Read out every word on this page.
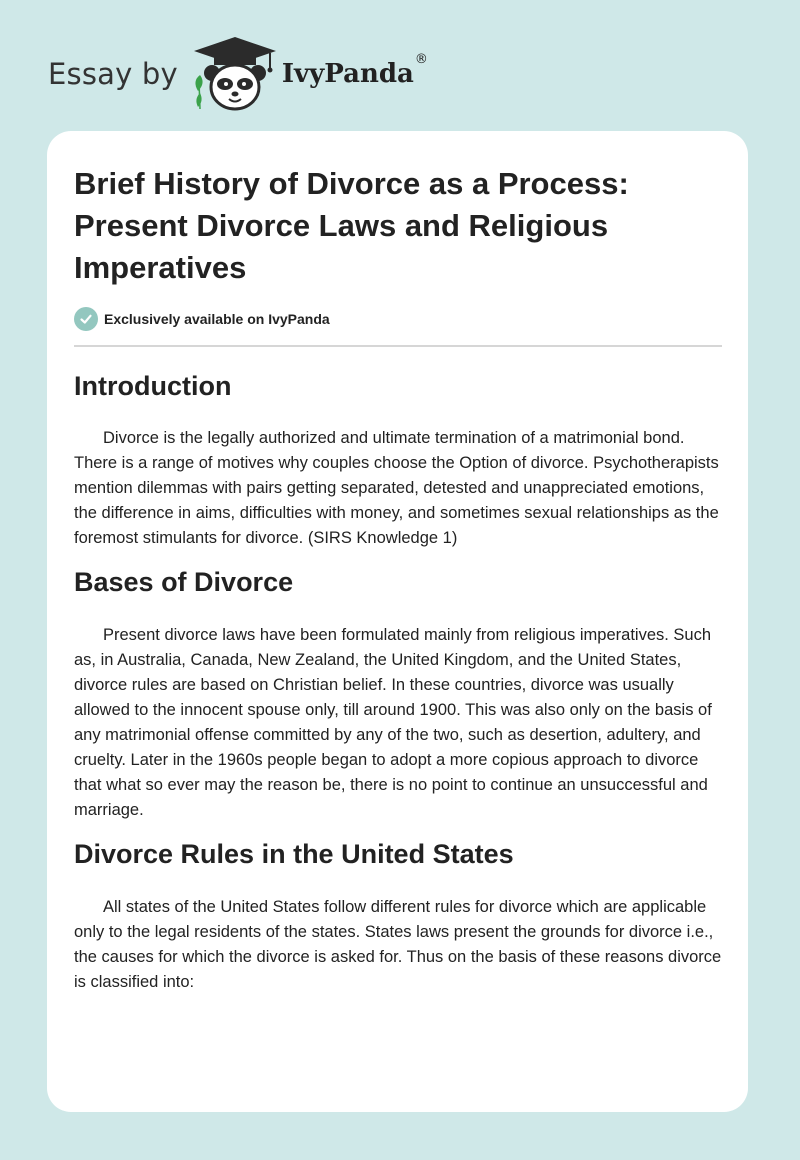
Essay by	IvyPanda ®
Brief History of Divorce as a Process: Present Divorce Laws and Religious Imperatives
Exclusively available on IvyPanda
Introduction

Divorce is the legally authorized and ultimate termination of a matrimonial bond. There is a range of motives why couples choose the Option of divorce. Psychotherapists mention dilemmas with pairs getting separated, detested and unappreciated emotions, the difference in aims, difficulties with money, and sometimes sexual relationships as the foremost stimulants for divorce. (SIRS Knowledge 1)

Bases of Divorce

Present divorce laws have been formulated mainly from religious imperatives. Such as, in Australia, Canada, New Zealand, the United Kingdom, and the United States, divorce rules are based on Christian belief. In these countries, divorce was usually allowed to the innocent spouse only, till around 1900. This was also only on the basis of any matrimonial offense committed by any of the two, such as desertion, adultery, and cruelty. Later in the 1960s people began to adopt a more copious approach to divorce that what so ever may the reason be, there is no point to continue an unsuccessful and marriage.

Divorce Rules in the United States

All states of the United States follow different rules for divorce which are applicable only to the legal residents of the states. States laws present the grounds for divorce i.e., the causes for which the divorce is asked for. Thus on the basis of these reasons divorce is classified into:
